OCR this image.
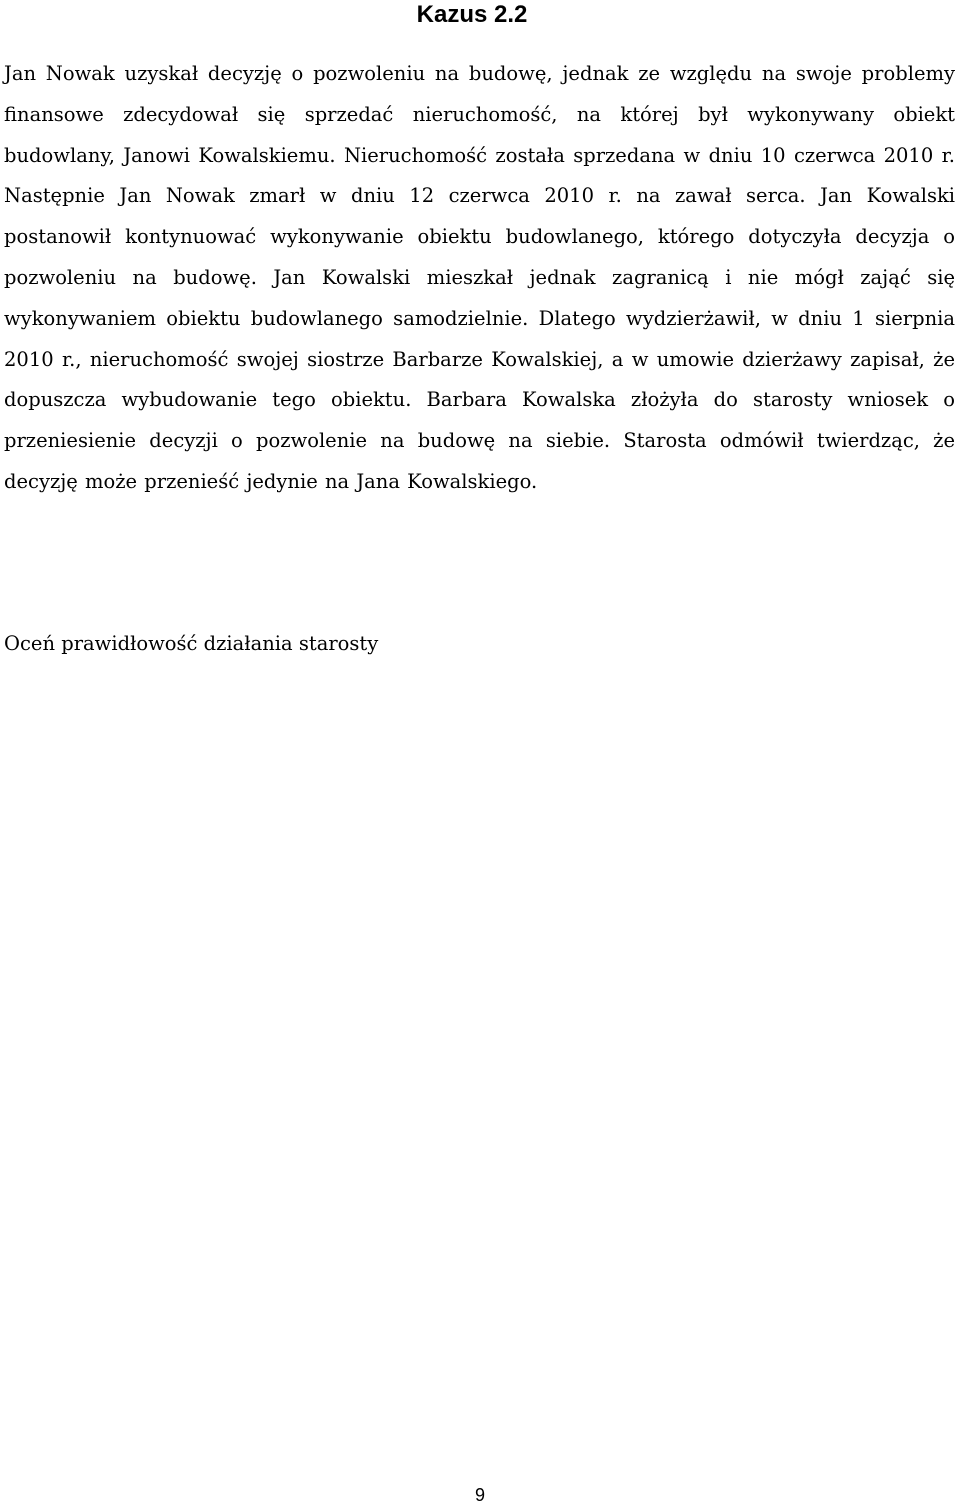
Kazus 2.2

Jan Nowak uzyskał decyzję o pozwoleniu na budowę, jednak ze względu na swoje problemy finansowe zdecydował się sprzedać nieruchomość, na której był wykonywany obiekt budowlany, Janowi Kowalskiemu. Nieruchomość została sprzedana w dniu 10 czerwca 2010 r. Następnie Jan Nowak zmarł w dniu 12 czerwca 2010 r. na zawał serca. Jan Kowalski postanowił kontynuować wykonywanie obiektu budowlanego, którego dotyczyła decyzja o pozwoleniu na budowę. Jan Kowalski mieszkał jednak zagranicą i nie mógł zająć się wykonywaniem obiektu budowlanego samodzielnie. Dlatego wydzierżawił, w dniu 1 sierpnia 2010 r., nieruchomość swojej siostrze Barbarze Kowalskiej, a w umowie dzierżawy zapisał, że dopuszcza wybudowanie tego obiektu. Barbara Kowalska złożyła do starosty wniosek o przeniesienie decyzji o pozwolenie na budowę na siebie. Starosta odmówił twierdząc, że decyzję może przenieść jedynie na Jana Kowalskiego.

Oceń prawidłowość działania starosty

9
